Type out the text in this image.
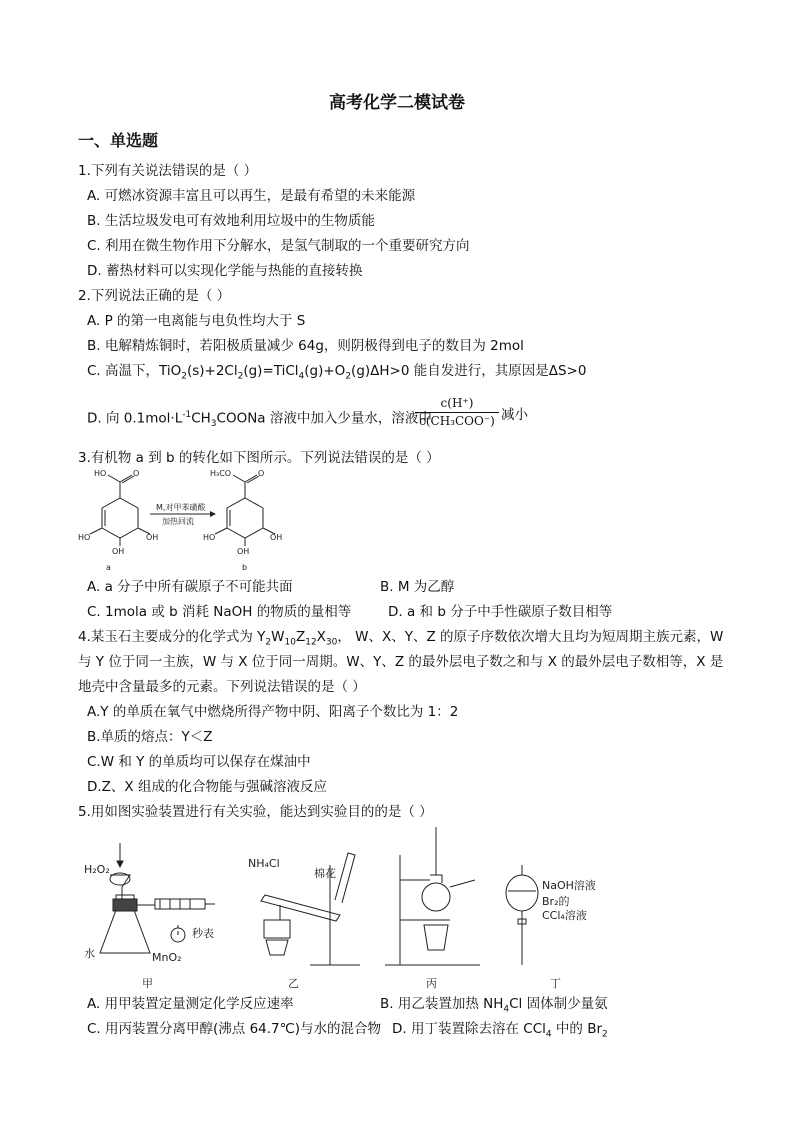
高考化学二模试卷
一、单选题
1.下列有关说法错误的是（ ）
A. 可燃冰资源丰富且可以再生，是最有希望的未来能源
B. 生活垃圾发电可有效地利用垃圾中的生物质能
C. 利用在微生物作用下分解水，是氢气制取的一个重要研究方向
D. 蓄热材料可以实现化学能与热能的直接转换
2.下列说法正确的是（ ）
A. P 的第一电离能与电负性均大于 S
B. 电解精炼铜时，若阳极质量减少 64g，则阴极得到电子的数目为 2mol
C. 高温下，$TiO_2(s)+2Cl_2(g)=TiCl_4(g)+O_2(g)\Delta H>0$ 能自发进行，其原因是ΔS>0
D. 向 $0.1mol\cdot L^{-1}CH_3COONa$ 溶液中加入少量水，溶液中
c(H⁺)
c(CH₃COO⁻) 减小
3.有机物 a 到 b 的转化如下图所示。下列说法错误的是（ ）
HO	O
HO
OH
OH
a
M,对甲苯磺酸
加热回流
H₃CO	O
HO
OH
OH
b
A. a 分子中所有碳原子不可能共面	B. M 为乙醇
C. 1mola 或 b 消耗 NaOH 的物质的量相等	D. a 和 b 分子中手性碳原子数目相等
4.某玉石主要成分的化学式为 $Y_2W_{10}Z_{12}X_{30}$， W、X、Y、Z 的原子序数依次增大且均为短周期主族元素，W
与 Y 位于同一主族，W 与 X 位于同一周期。W、Y、Z 的最外层电子数之和与 X 的最外层电子数相等，X 是
地壳中含量最多的元素。下列说法错误的是（ ）
A.Y 的单质在氧气中燃烧所得产物中阴、阳离子个数比为 1：2
B.单质的熔点：Y＜Z
C.W 和 Y 的单质均可以保存在煤油中
D.Z、X 组成的化合物能与强碱溶液反应
5.用如图实验装置进行有关实验，能达到实验目的的是（ ）
H₂O₂
水	MnO₂
秒表
甲
NH₄Cl
棉花
乙	丙
NaOH溶液
Br₂的
CCl₄溶液
丁
A. 用甲装置定量测定化学反应速率	B. 用乙装置加热 $NH_4Cl$ 固体制少量氨
C. 用丙装置分离甲醇(沸点 64.7℃)与水的混合物 D. 用丁装置除去溶在 CCl$_4$ 中的 $Br_2$
